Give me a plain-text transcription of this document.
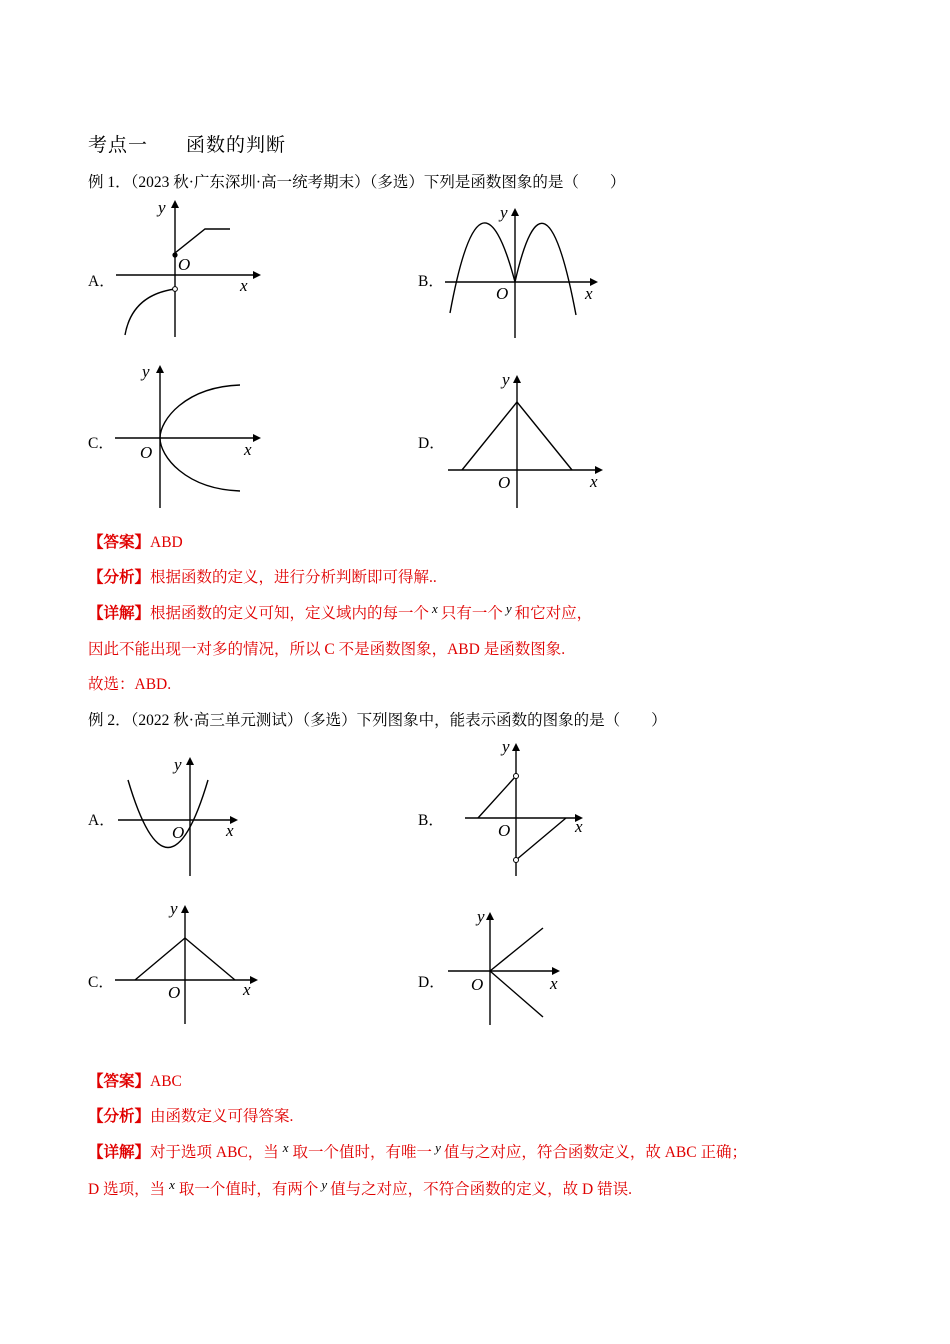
考点一 函数的判断
例 1．（2023 秋·广东深圳·高一统考期末）（多选）下列是函数图象的是（　　）
A．	B．
C．	D．
y
O
x
y
O	x
y
O	x
y
O	x
【答案】ABD
【分析】根据函数的定义，进行分析判断即可得解..
【详解】根据函数的定义可知，定义域内的每一个 $^x$ 只有一个 $^y$ 和它对应，
因此不能出现一对多的情况，所以 C 不是函数图象，ABD 是函数图象.
故选：ABD.
例 2．（2022 秋·高三单元测试）（多选）下列图象中，能表示函数的图象的是（　　）
A．	B．
C．	D．
y
O x
y
O	x
y
O	x
y
O	x
【答案】ABC
【分析】由函数定义可得答案.
【详解】对于选项 ABC，当 $^x$ 取一个值时，有唯一 $^y$ 值与之对应，符合函数定义，故 ABC 正确；
D 选项，当 $^x$ 取一个值时，有两个 $^y$ 值与之对应，不符合函数的定义，故 D 错误.
